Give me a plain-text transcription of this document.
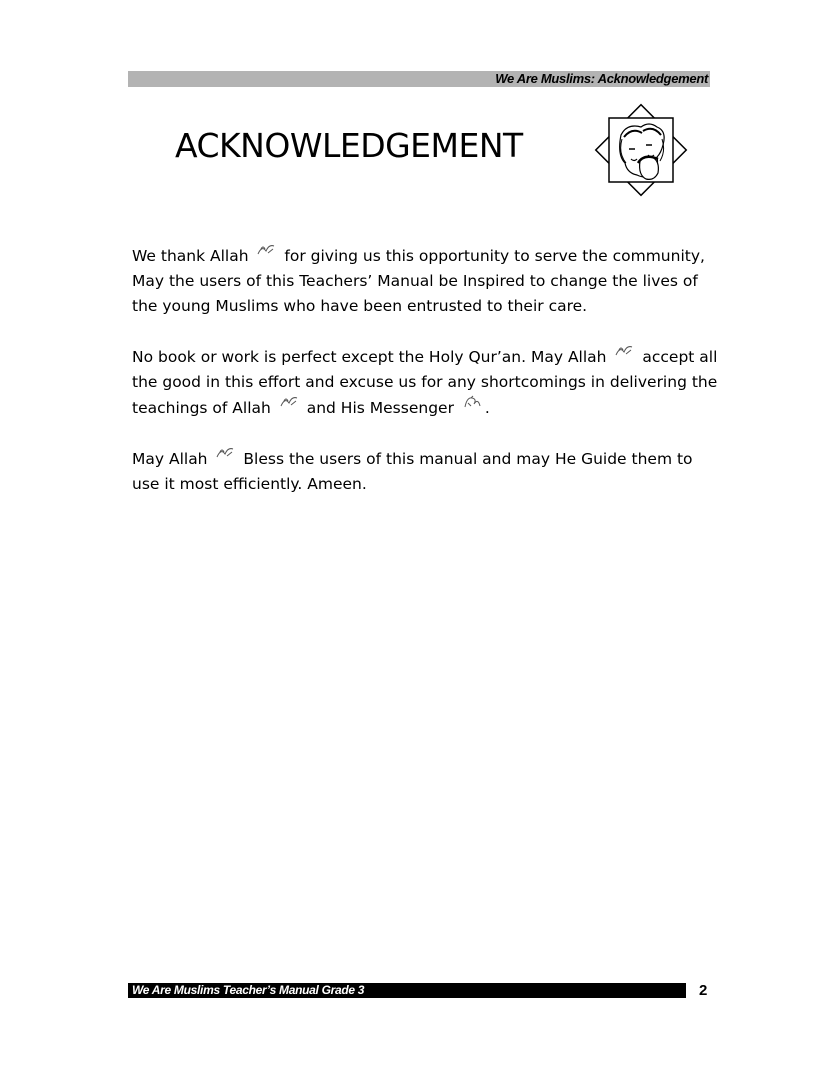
We Are Muslims: Acknowledgement
ACKNOWLEDGEMENT

We thank Allah for giving us this opportunity to serve the community, May the users of this Teachers’ Manual be Inspired to change the lives of the young Muslims who have been entrusted to their care.

No book or work is perfect except the Holy Qur’an. May Allah accept all the good in this effort and excuse us for any shortcomings in delivering the teachings of Allah and His Messenger .

May Allah Bless the users of this manual and may He Guide them to use it most efficiently. Ameen.

We Are Muslims Teacher’s Manual Grade 3	2
